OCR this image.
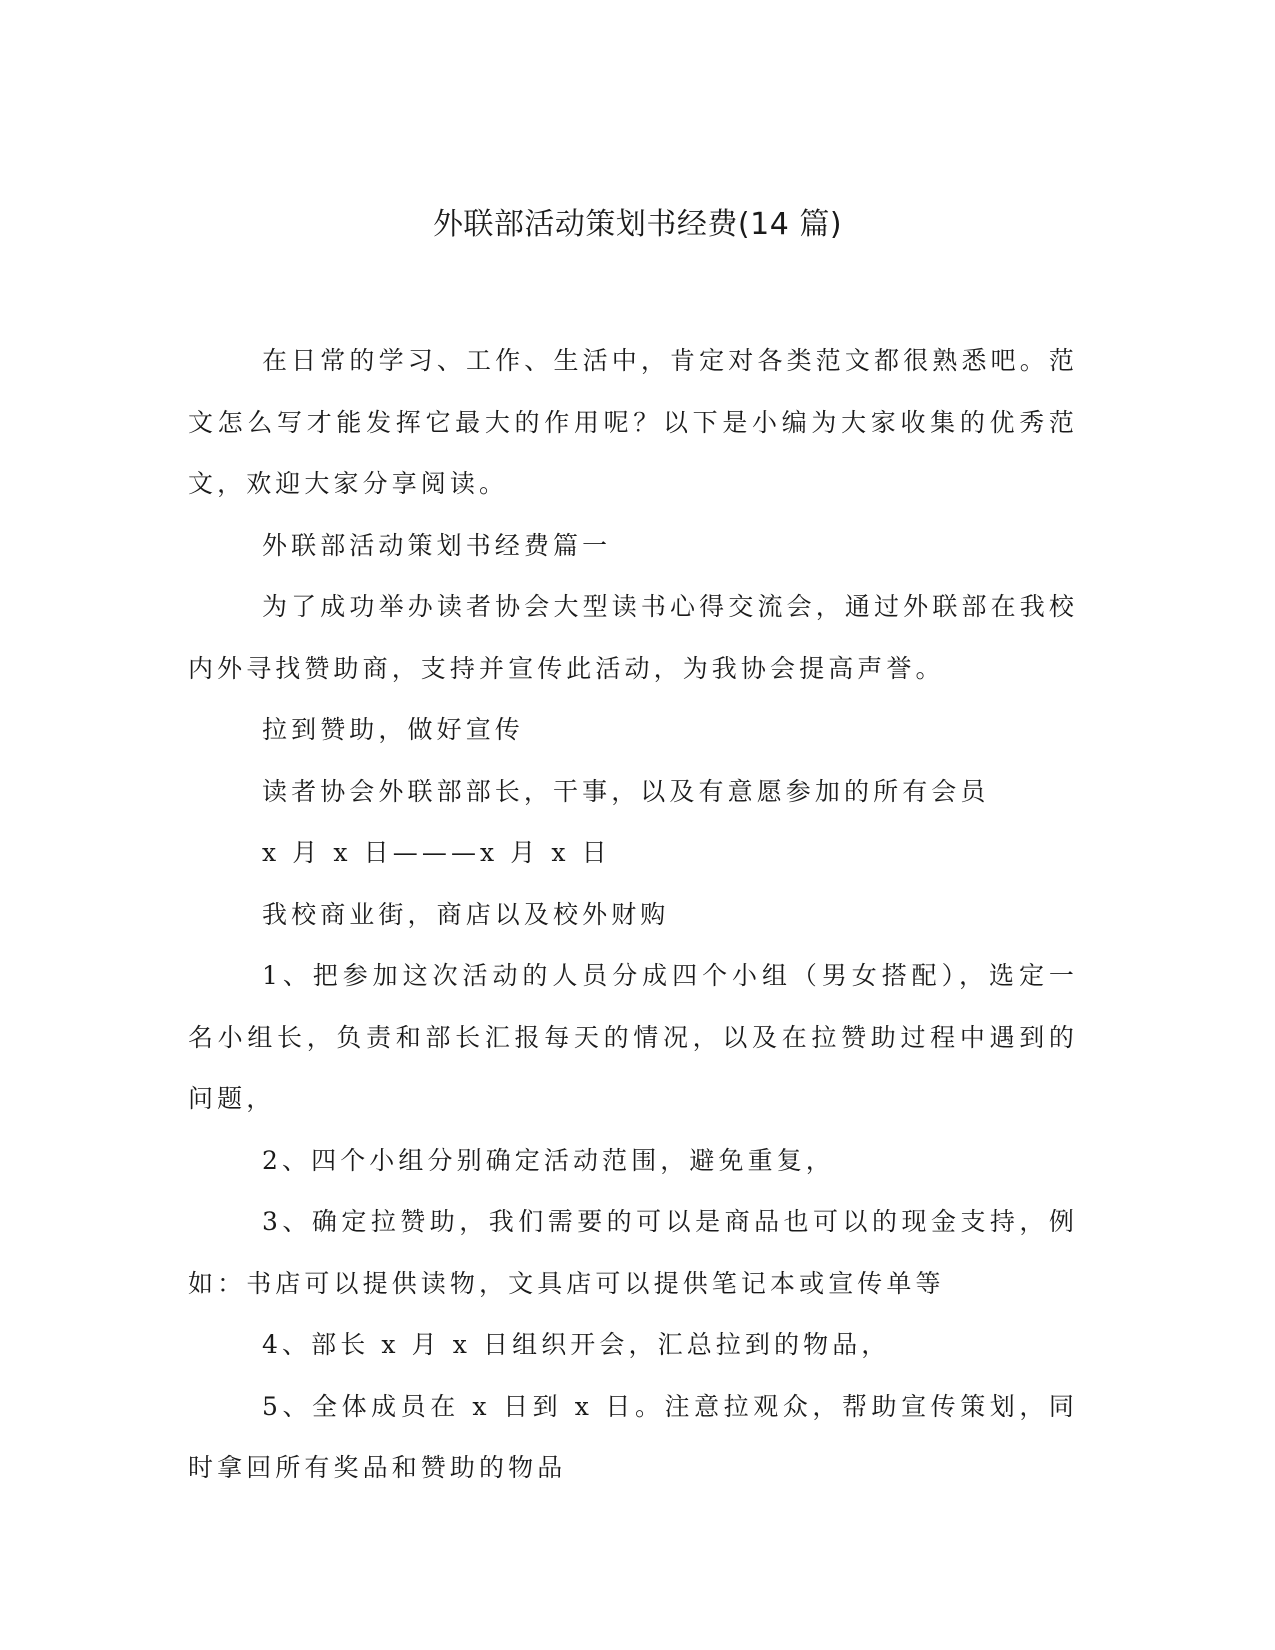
外联部活动策划书经费(14 篇)

在日常的学习、工作、生活中，肯定对各类范文都很熟悉吧。范文怎么写才能发挥它最大的作用呢？以下是小编为大家收集的优秀范文，欢迎大家分享阅读。

外联部活动策划书经费篇一

为了成功举办读者协会大型读书心得交流会，通过外联部在我校内外寻找赞助商，支持并宣传此活动，为我协会提高声誉。

拉到赞助，做好宣传

读者协会外联部部长，干事，以及有意愿参加的所有会员

x 月 x 日———x 月 x 日

我校商业街，商店以及校外财购

1、把参加这次活动的人员分成四个小组（男女搭配），选定一名小组长，负责和部长汇报每天的情况，以及在拉赞助过程中遇到的问题，

2、四个小组分别确定活动范围，避免重复，

3、确定拉赞助，我们需要的可以是商品也可以的现金支持，例如：书店可以提供读物，文具店可以提供笔记本或宣传单等

4、部长 x 月 x 日组织开会，汇总拉到的物品，

5、全体成员在 x 日到 x 日。注意拉观众，帮助宣传策划，同时拿回所有奖品和赞助的物品
